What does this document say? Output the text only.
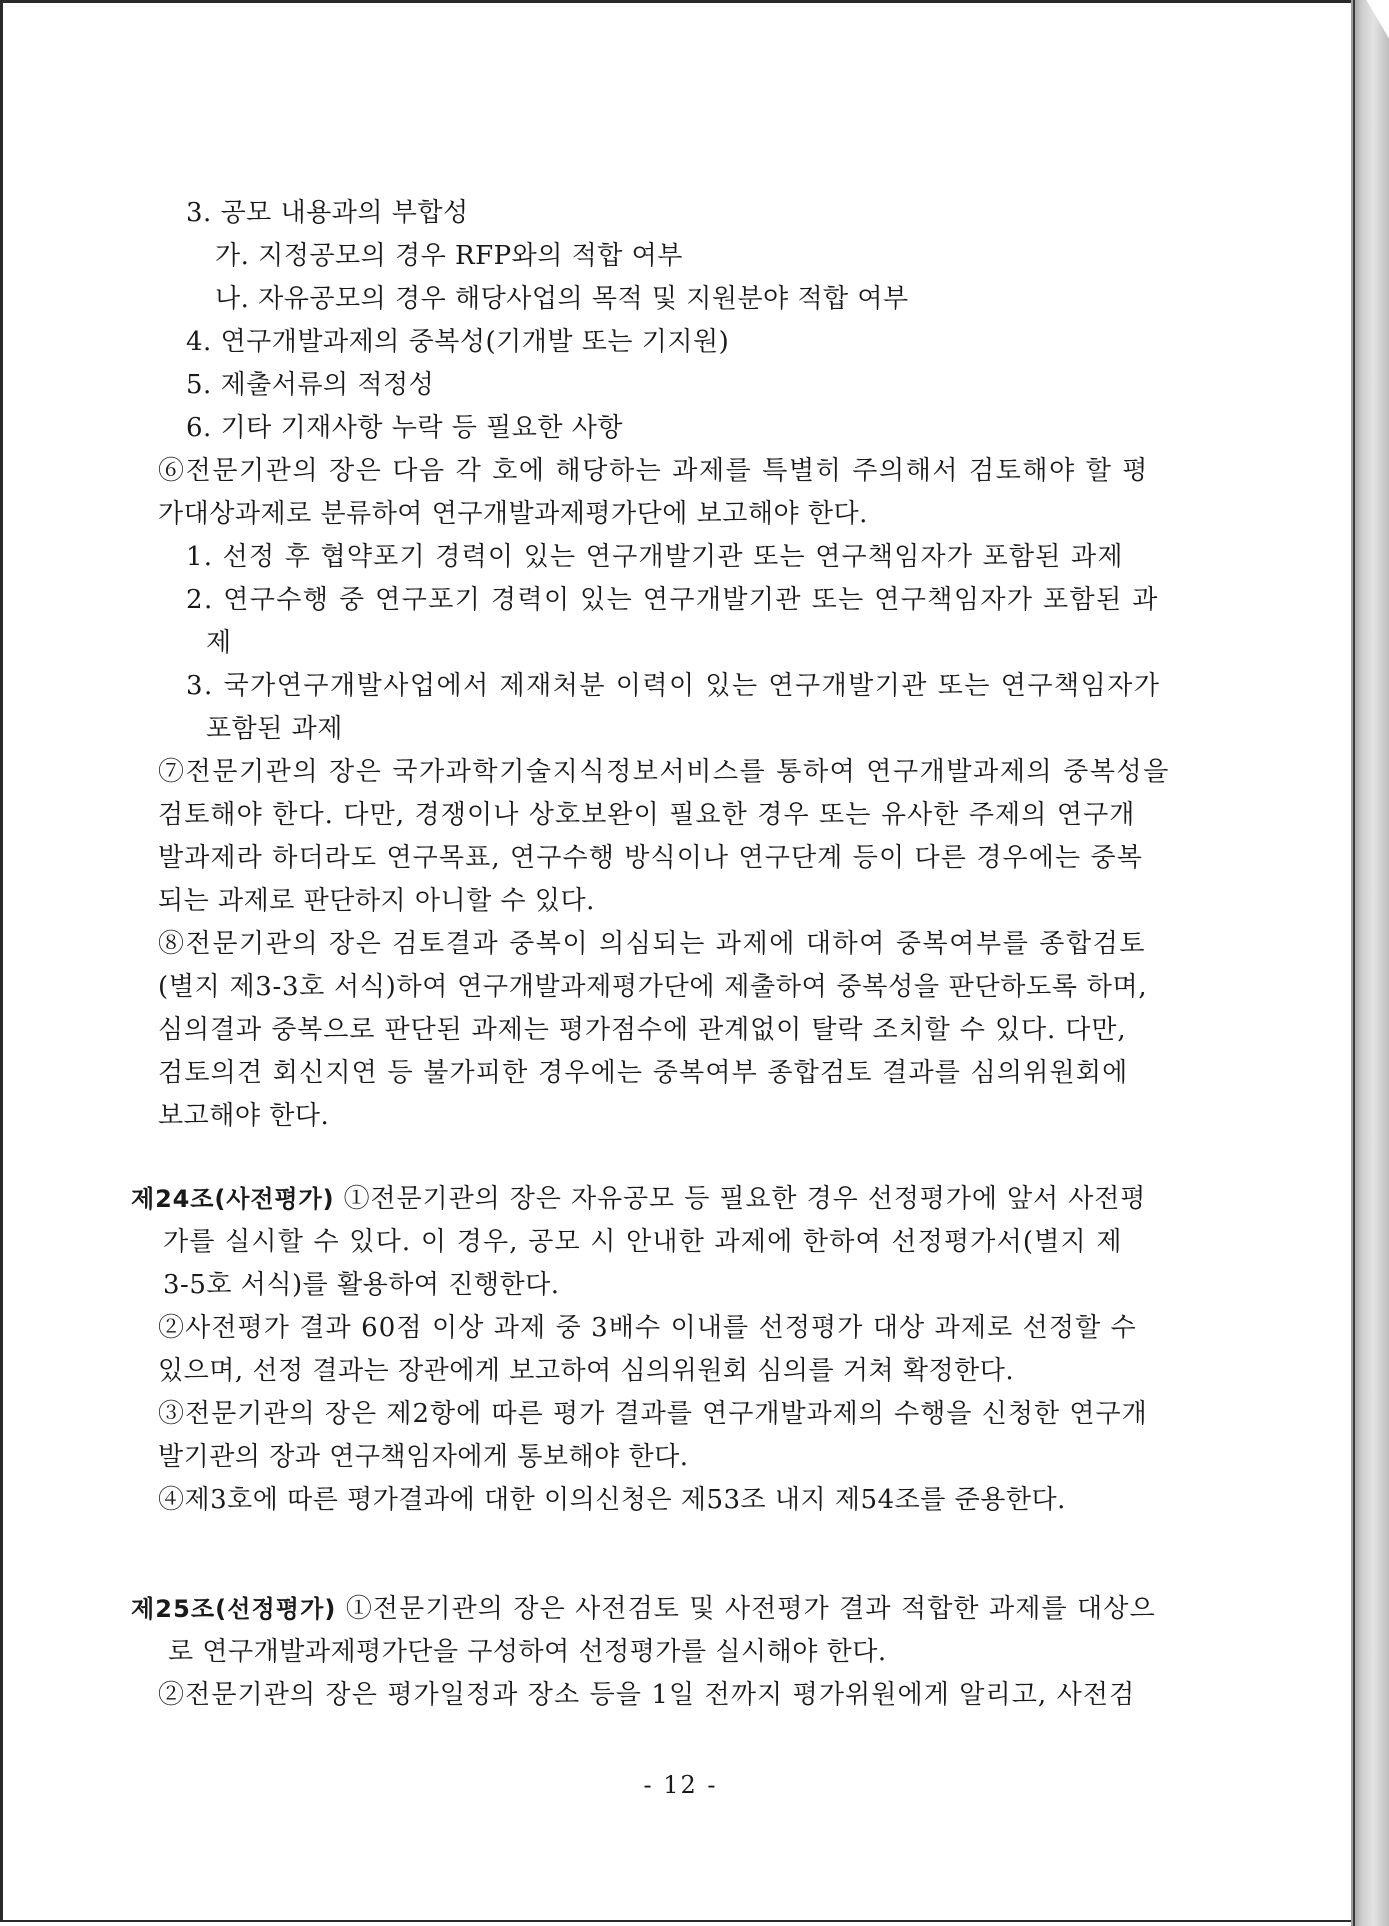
3. 공모 내용과의 부합성
가. 지정공모의 경우 RFP와의 적합 여부
나. 자유공모의 경우 해당사업의 목적 및 지원분야 적합 여부
4. 연구개발과제의 중복성(기개발 또는 기지원)
5. 제출서류의 적정성
6. 기타 기재사항 누락 등 필요한 사항
⑥전문기관의 장은 다음 각 호에 해당하는 과제를 특별히 주의해서 검토해야 할 평
가대상과제로 분류하여 연구개발과제평가단에 보고해야 한다.
1. 선정 후 협약포기 경력이 있는 연구개발기관 또는 연구책임자가 포함된 과제
2. 연구수행 중 연구포기 경력이 있는 연구개발기관 또는 연구책임자가 포함된 과
제
3. 국가연구개발사업에서 제재처분 이력이 있는 연구개발기관 또는 연구책임자가
포함된 과제
⑦전문기관의 장은 국가과학기술지식정보서비스를 통하여 연구개발과제의 중복성을
검토해야 한다. 다만, 경쟁이나 상호보완이 필요한 경우 또는 유사한 주제의 연구개
발과제라 하더라도 연구목표, 연구수행 방식이나 연구단계 등이 다른 경우에는 중복
되는 과제로 판단하지 아니할 수 있다.
⑧전문기관의 장은 검토결과 중복이 의심되는 과제에 대하여 중복여부를 종합검토
(별지 제3-3호 서식)하여 연구개발과제평가단에 제출하여 중복성을 판단하도록 하며,
심의결과 중복으로 판단된 과제는 평가점수에 관계없이 탈락 조치할 수 있다. 다만,
검토의견 회신지연 등 불가피한 경우에는 중복여부 종합검토 결과를 심의위원회에
보고해야 한다.
제24조(사전평가) ①전문기관의 장은 자유공모 등 필요한 경우 선정평가에 앞서 사전평
가를 실시할 수 있다. 이 경우, 공모 시 안내한 과제에 한하여 선정평가서(별지 제
3-5호 서식)를 활용하여 진행한다.
②사전평가 결과 60점 이상 과제 중 3배수 이내를 선정평가 대상 과제로 선정할 수
있으며, 선정 결과는 장관에게 보고하여 심의위원회 심의를 거쳐 확정한다.
③전문기관의 장은 제2항에 따른 평가 결과를 연구개발과제의 수행을 신청한 연구개
발기관의 장과 연구책임자에게 통보해야 한다.
④제3호에 따른 평가결과에 대한 이의신청은 제53조 내지 제54조를 준용한다.
제25조(선정평가) ①전문기관의 장은 사전검토 및 사전평가 결과 적합한 과제를 대상으
로 연구개발과제평가단을 구성하여 선정평가를 실시해야 한다.
②전문기관의 장은 평가일정과 장소 등을 1일 전까지 평가위원에게 알리고, 사전검
- 12 -
